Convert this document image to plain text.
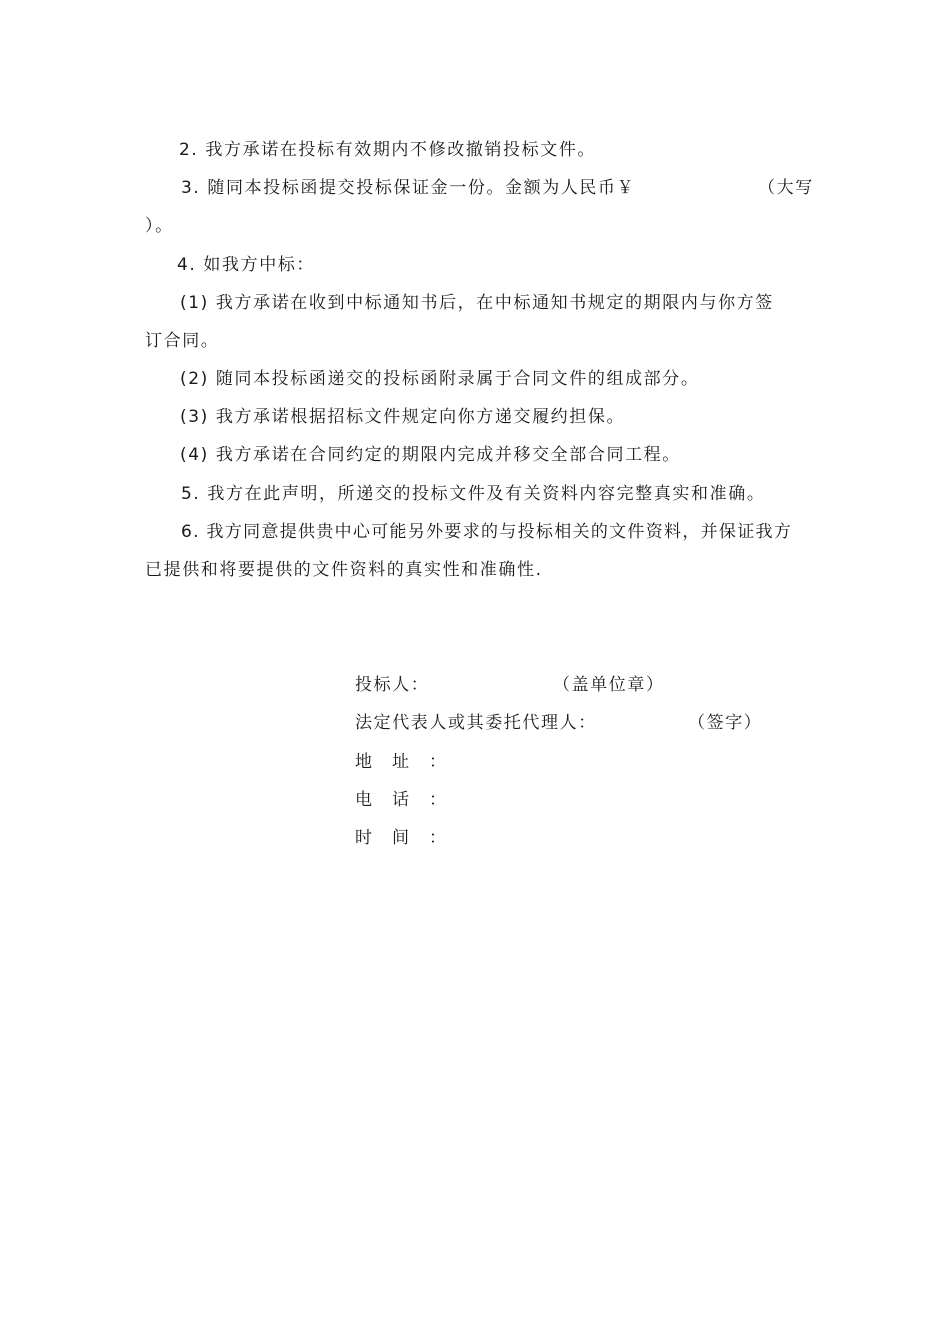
2. 我方承诺在投标有效期内不修改撤销投标文件。
3. 随同本投标函提交投标保证金一份。金额为人民币￥	（大写
）。
4. 如我方中标：
(1) 我方承诺在收到中标通知书后，在中标通知书规定的期限内与你方签
订合同。
(2) 随同本投标函递交的投标函附录属于合同文件的组成部分。
(3) 我方承诺根据招标文件规定向你方递交履约担保。
(4) 我方承诺在合同约定的期限内完成并移交全部合同工程。
5. 我方在此声明，所递交的投标文件及有关资料内容完整真实和准确。
6. 我方同意提供贵中心可能另外要求的与投标相关的文件资料，并保证我方
已提供和将要提供的文件资料的真实性和准确性.
投标人：	（盖单位章）
法定代表人或其委托代理人：	（签字）
地址：
电话：
时间：
